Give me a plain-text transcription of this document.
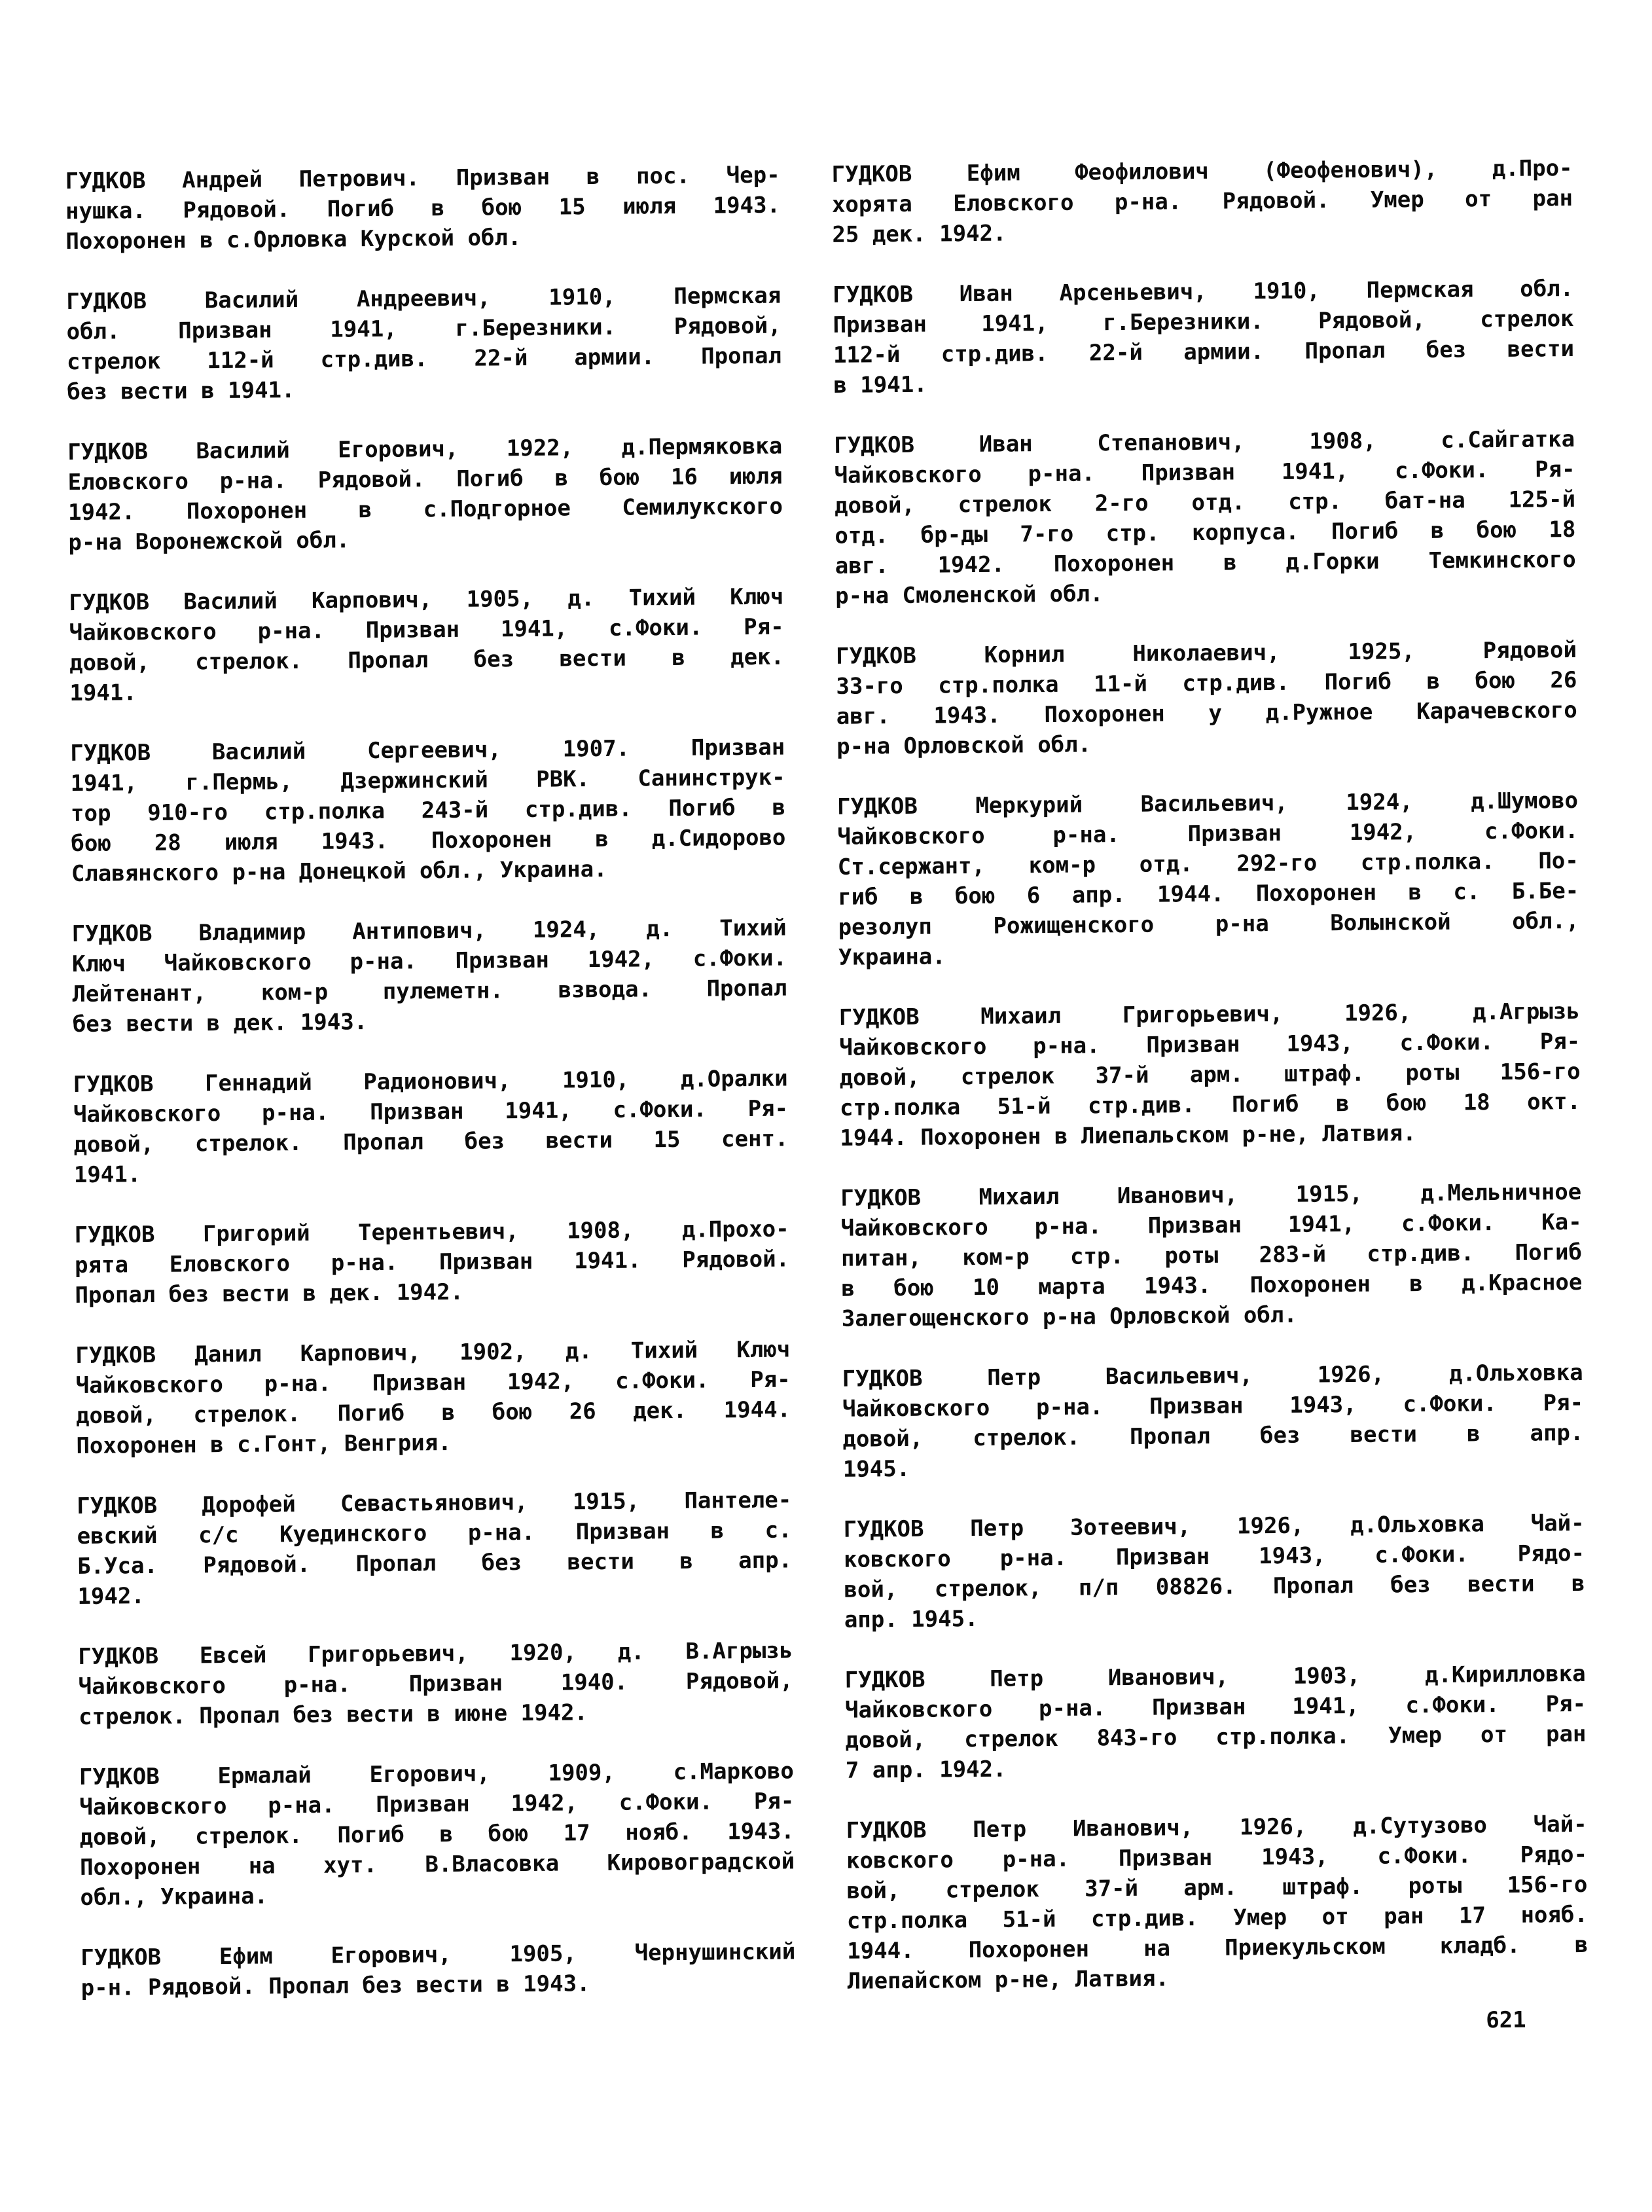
ГУДКОВ Андрей Петрович. Призван в пос. Чер-
нушка. Рядовой. Погиб в бою 15 июля 1943.
Похоронен в с.Орловка Курской обл.
ГУДКОВ Василий Андреевич, 1910, Пермская
обл. Призван 1941, г.Березники. Рядовой,
стрелок 112-й стр.див. 22-й армии. Пропал
без вести в 1941.
ГУДКОВ Василий Егорович, 1922, д.Пермяковка
Еловского р-на. Рядовой. Погиб в бою 16 июля
1942. Похоронен в с.Подгорное Семилукского
р-на Воронежской обл.
ГУДКОВ Василий Карпович, 1905, д. Тихий Ключ
Чайковского р-на. Призван 1941, с.Фоки. Ря-
довой, стрелок. Пропал без вести в дек.
1941.
ГУДКОВ Василий Сергеевич, 1907. Призван
1941, г.Пермь, Дзержинский РВК. Санинструк-
тор 910-го стр.полка 243-й стр.див. Погиб в
бою 28 июля 1943. Похоронен в д.Сидорово
Славянского р-на Донецкой обл., Украина.
ГУДКОВ Владимир Антипович, 1924, д. Тихий
Ключ Чайковского р-на. Призван 1942, с.Фоки.
Лейтенант, ком-р пулеметн. взвода. Пропал
без вести в дек. 1943.
ГУДКОВ Геннадий Радионович, 1910, д.Оралки
Чайковского р-на. Призван 1941, с.Фоки. Ря-
довой, стрелок. Пропал без вести 15 сент.
1941.
ГУДКОВ Григорий Терентьевич, 1908, д.Прохо-
рята Еловского р-на. Призван 1941. Рядовой.
Пропал без вести в дек. 1942.
ГУДКОВ Данил Карпович, 1902, д. Тихий Ключ
Чайковского р-на. Призван 1942, с.Фоки. Ря-
довой, стрелок. Погиб в бою 26 дек. 1944.
Похоронен в с.Гонт, Венгрия.
ГУДКОВ Дорофей Севастьянович, 1915, Пантеле-
евский с/с Куединского р-на. Призван в с.
Б.Уса. Рядовой. Пропал без вести в апр.
1942.
ГУДКОВ Евсей Григорьевич, 1920, д. В.Агрызь
Чайковского р-на. Призван 1940. Рядовой,
стрелок. Пропал без вести в июне 1942.
ГУДКОВ Ермалай Егорович, 1909, с.Марково
Чайковского р-на. Призван 1942, с.Фоки. Ря-
довой, стрелок. Погиб в бою 17 нояб. 1943.
Похоронен на хут. В.Власовка Кировоградской
обл., Украина.
ГУДКОВ Ефим Егорович, 1905, Чернушинский
р-н. Рядовой. Пропал без вести в 1943.
ГУДКОВ Ефим Феофилович (Феофенович), д.Про-
хорята Еловского р-на. Рядовой. Умер от ран
25 дек. 1942.
ГУДКОВ Иван Арсеньевич, 1910, Пермская обл.
Призван 1941, г.Березники. Рядовой, стрелок
112-й стр.див. 22-й армии. Пропал без вести
в 1941.
ГУДКОВ Иван Степанович, 1908, с.Сайгатка
Чайковского р-на. Призван 1941, с.Фоки. Ря-
довой, стрелок 2-го отд. стр. бат-на 125-й
отд. бр-ды 7-го стр. корпуса. Погиб в бою 18
авг. 1942. Похоронен в д.Горки Темкинского
р-на Смоленской обл.
ГУДКОВ Корнил Николаевич, 1925, Рядовой
33-го стр.полка 11-й стр.див. Погиб в бою 26
авг. 1943. Похоронен у д.Ружное Карачевского
р-на Орловской обл.
ГУДКОВ Меркурий Васильевич, 1924, д.Шумово
Чайковского р-на. Призван 1942, с.Фоки.
Ст.сержант, ком-р отд. 292-го стр.полка. По-
гиб в бою 6 апр. 1944. Похоронен в с. Б.Бе-
резолуп Рожищенского р-на Волынской обл.,
Украина.
ГУДКОВ Михаил Григорьевич, 1926, д.Агрызь
Чайковского р-на. Призван 1943, с.Фоки. Ря-
довой, стрелок 37-й арм. штраф. роты 156-го
стр.полка 51-й стр.див. Погиб в бою 18 окт.
1944. Похоронен в Лиепальском р-не, Латвия.
ГУДКОВ Михаил Иванович, 1915, д.Мельничное
Чайковского р-на. Призван 1941, с.Фоки. Ка-
питан, ком-р стр. роты 283-й стр.див. Погиб
в бою 10 марта 1943. Похоронен в д.Красное
Залегощенского р-на Орловской обл.
ГУДКОВ Петр Васильевич, 1926, д.Ольховка
Чайковского р-на. Призван 1943, с.Фоки. Ря-
довой, стрелок. Пропал без вести в апр.
1945.
ГУДКОВ Петр Зотеевич, 1926, д.Ольховка Чай-
ковского р-на. Призван 1943, с.Фоки. Рядо-
вой, стрелок, п/п 08826. Пропал без вести в
апр. 1945.
ГУДКОВ Петр Иванович, 1903, д.Кирилловка
Чайковского р-на. Призван 1941, с.Фоки. Ря-
довой, стрелок 843-го стр.полка. Умер от ран
7 апр. 1942.
ГУДКОВ Петр Иванович, 1926, д.Сутузово Чай-
ковского р-на. Призван 1943, с.Фоки. Рядо-
вой, стрелок 37-й арм. штраф. роты 156-го
стр.полка 51-й стр.див. Умер от ран 17 нояб.
1944. Похоронен на Приекульском кладб. в
Лиепайском р-не, Латвия.
621
